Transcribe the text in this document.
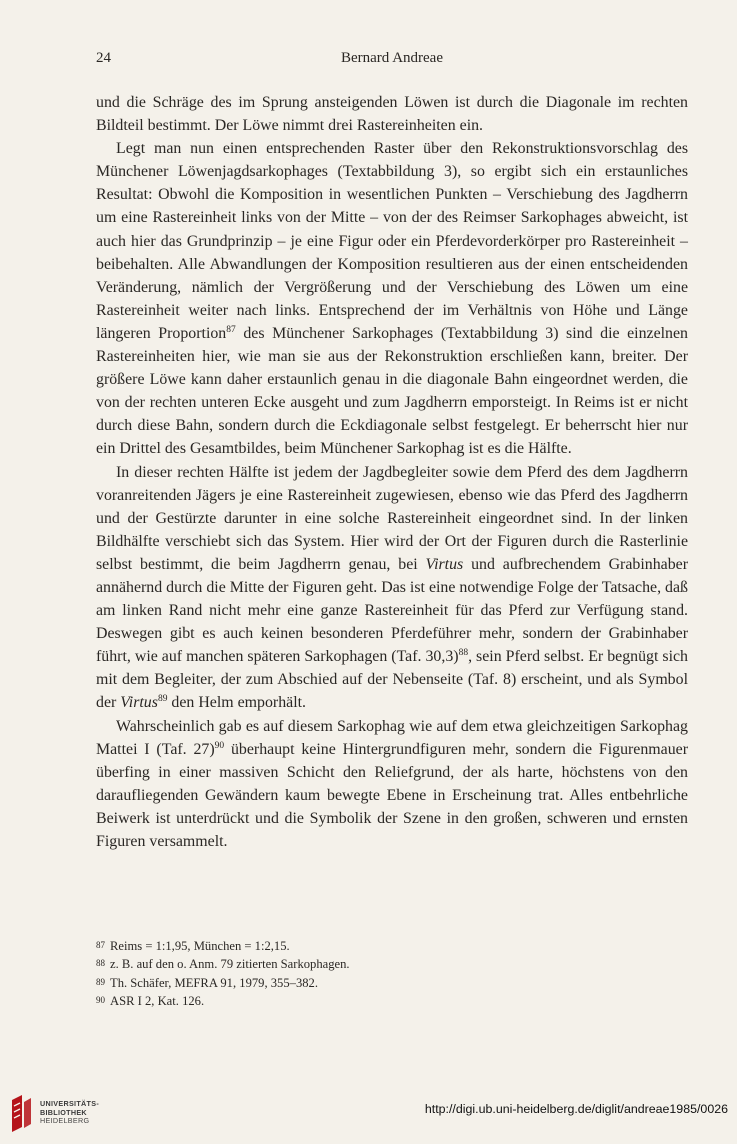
24	Bernard Andreae

und die Schräge des im Sprung ansteigenden Löwen ist durch die Diagonale im rechten Bildteil bestimmt. Der Löwe nimmt drei Rastereinheiten ein.

Legt man nun einen entsprechenden Raster über den Rekonstruktionsvorschlag des Münchener Löwenjagdsarkophages (Textabbildung 3), so ergibt sich ein erstaunliches Resultat: Obwohl die Komposition in wesentlichen Punkten – Verschiebung des Jagdherrn um eine Rastereinheit links von der Mitte – von der des Reimser Sarkophages abweicht, ist auch hier das Grundprinzip – je eine Figur oder ein Pferdevorderkörper pro Rastereinheit – beibehalten. Alle Abwandlungen der Komposition resultieren aus der einen entscheidenden Veränderung, nämlich der Vergrößerung und der Verschiebung des Löwen um eine Rastereinheit weiter nach links. Entsprechend der im Verhältnis von Höhe und Länge längeren Proportion$^{87}$ des Münchener Sarkophages (Textabbildung 3) sind die einzelnen Rastereinheiten hier, wie man sie aus der Rekonstruktion erschließen kann, breiter. Der größere Löwe kann daher erstaunlich genau in die diagonale Bahn eingeordnet werden, die von der rechten unteren Ecke ausgeht und zum Jagdherrn emporsteigt. In Reims ist er nicht durch diese Bahn, sondern durch die Eckdiagonale selbst festgelegt. Er beherrscht hier nur ein Drittel des Gesamtbildes, beim Münchener Sarkophag ist es die Hälfte.

In dieser rechten Hälfte ist jedem der Jagdbegleiter sowie dem Pferd des dem Jagdherrn voranreitenden Jägers je eine Rastereinheit zugewiesen, ebenso wie das Pferd des Jagdherrn und der Gestürzte darunter in eine solche Rastereinheit eingeordnet sind. In der linken Bildhälfte verschiebt sich das System. Hier wird der Ort der Figuren durch die Rasterlinie selbst bestimmt, die beim Jagdherrn genau, bei Virtus und aufbrechendem Grabinhaber annähernd durch die Mitte der Figuren geht. Das ist eine notwendige Folge der Tatsache, daß am linken Rand nicht mehr eine ganze Rastereinheit für das Pferd zur Verfügung stand. Deswegen gibt es auch keinen besonderen Pferdeführer mehr, sondern der Grabinhaber führt, wie auf manchen späteren Sarkophagen (Taf. 30,3)$^{88}$, sein Pferd selbst. Er begnügt sich mit dem Begleiter, der zum Abschied auf der Nebenseite (Taf. 8) erscheint, und als Symbol der Virtus$^{89}$ den Helm emporhält.

Wahrscheinlich gab es auf diesem Sarkophag wie auf dem etwa gleichzeitigen Sarkophag Mattei I (Taf. 27)$^{90}$ überhaupt keine Hintergrundfiguren mehr, sondern die Figurenmauer überfing in einer massiven Schicht den Reliefgrund, der als harte, höchstens von den daraufliegenden Gewändern kaum bewegte Ebene in Erscheinung trat. Alles entbehrliche Beiwerk ist unterdrückt und die Symbolik der Szene in den großen, schweren und ernsten Figuren versammelt.

87 Reims = 1:1,95, München = 1:2,15.
88 z. B. auf den o. Anm. 79 zitierten Sarkophagen.
89 Th. Schäfer, MEFRA 91, 1979, 355–382.
90 ASR I 2, Kat. 126.
UNIVERSITÄTS-
BIBLIOTHEK
HEIDELBERG
http://digi.ub.uni-heidelberg.de/diglit/andreae1985/0026
